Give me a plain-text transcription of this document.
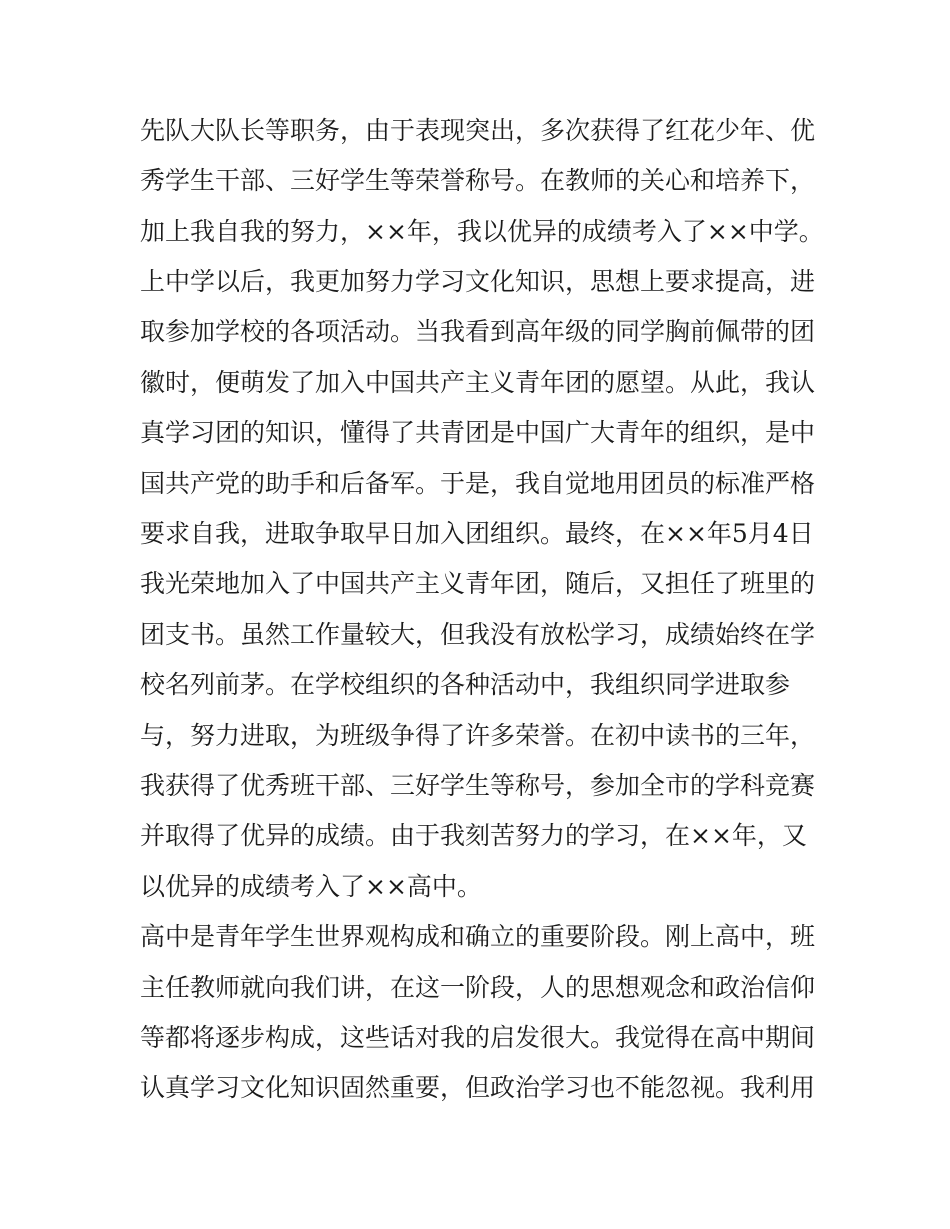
先队大队长等职务，由于表现突出，多次获得了红花少年、优
秀学生干部、三好学生等荣誉称号。在教师的关心和培养下，
加上我自我的努力，××年，我以优异的成绩考入了××中学。
上中学以后，我更加努力学习文化知识，思想上要求提高，进
取参加学校的各项活动。当我看到高年级的同学胸前佩带的团
徽时，便萌发了加入中国共产主义青年团的愿望。从此，我认
真学习团的知识，懂得了共青团是中国广大青年的组织，是中
国共产党的助手和后备军。于是，我自觉地用团员的标准严格
要求自我，进取争取早日加入团组织。最终，在××年5月4日
我光荣地加入了中国共产主义青年团，随后，又担任了班里的
团支书。虽然工作量较大，但我没有放松学习，成绩始终在学
校名列前茅。在学校组织的各种活动中，我组织同学进取参
与，努力进取，为班级争得了许多荣誉。在初中读书的三年，
我获得了优秀班干部、三好学生等称号，参加全市的学科竞赛
并取得了优异的成绩。由于我刻苦努力的学习，在××年，又
以优异的成绩考入了××高中。
高中是青年学生世界观构成和确立的重要阶段。刚上高中，班
主任教师就向我们讲，在这一阶段，人的思想观念和政治信仰
等都将逐步构成，这些话对我的启发很大。我觉得在高中期间
认真学习文化知识固然重要，但政治学习也不能忽视。我利用
